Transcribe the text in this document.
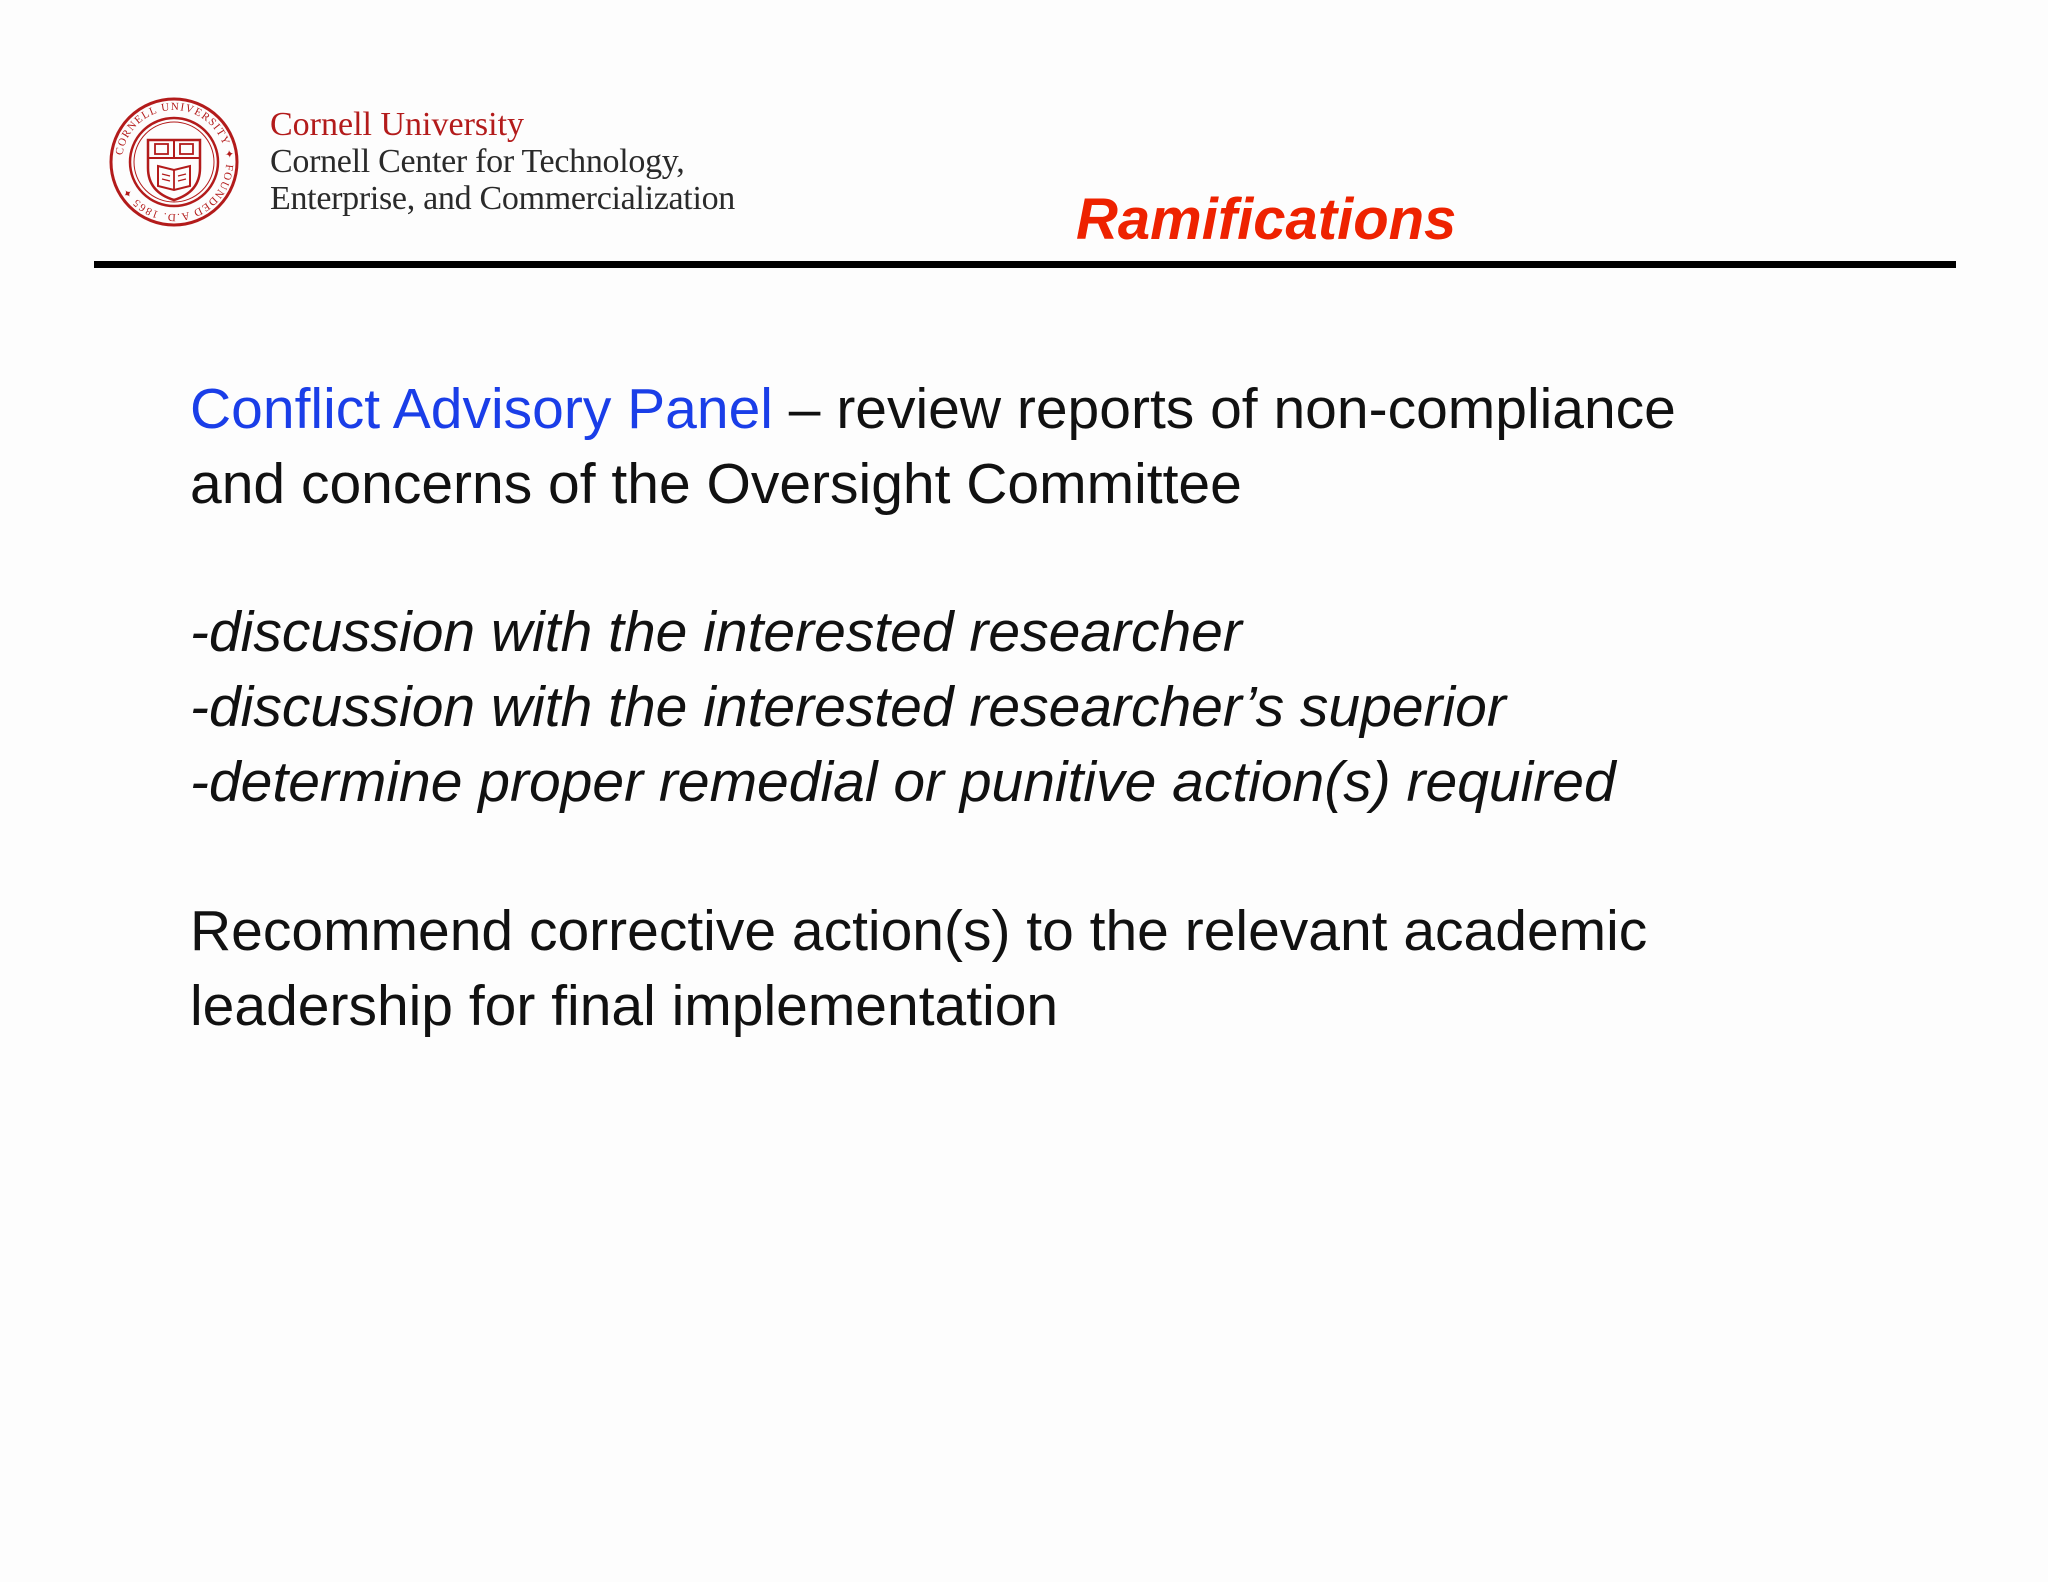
CORNELL UNIVERSITY ✦ FOUNDED A.D. 1865 ✦
Cornell University
Cornell Center for Technology,
Enterprise, and Commercialization	Ramifications

Conflict Advisory Panel – review reports of non-compliance

and concerns of the Oversight Committee

-discussion with the interested researcher

-discussion with the interested researcher’s superior

-determine proper remedial or punitive action(s) required

Recommend corrective action(s) to the relevant academic

leadership for final implementation
